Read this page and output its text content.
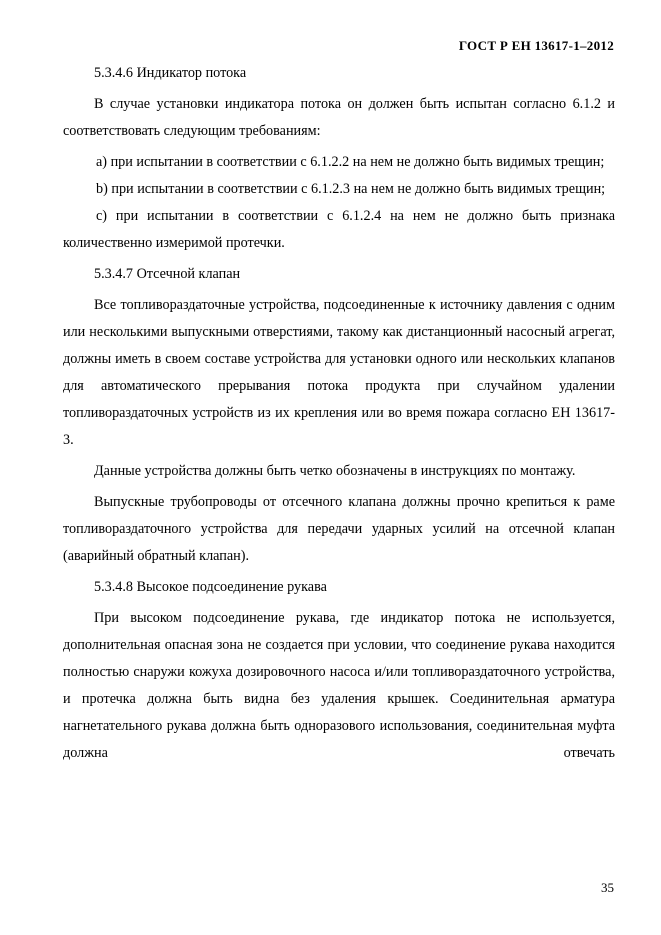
ГОСТ Р ЕН 13617-1–2012

5.3.4.6 Индикатор потока

В случае установки индикатора потока он должен быть испытан согласно 6.1.2 и соответствовать следующим требованиям:

a) при испытании в соответствии с 6.1.2.2 на нем не должно быть видимых трещин;

b) при испытании в соответствии с 6.1.2.3 на нем не должно быть видимых трещин;

c) при испытании в соответствии с 6.1.2.4 на нем не должно быть признака количественно измеримой протечки.

5.3.4.7 Отсечной клапан

Все топливораздаточные устройства, подсоединенные к источнику давления с одним или несколькими выпускными отверстиями, такому как дистанционный насосный агрегат, должны иметь в своем составе устройства для установки одного или нескольких клапанов для автоматического прерывания потока продукта при случайном удалении топливораздаточных устройств из их крепления или во время пожара согласно ЕН 13617-3.

Данные устройства должны быть четко обозначены в инструкциях по монтажу.

Выпускные трубопроводы от отсечного клапана должны прочно крепиться к раме топливораздаточного устройства для передачи ударных усилий на отсечной клапан (аварийный обратный клапан).

5.3.4.8 Высокое подсоединение рукава

При высоком подсоединение рукава, где индикатор потока не используется, дополнительная опасная зона не создается при условии, что соединение рукава находится полностью снаружи кожуха дозировочного насоса и/или топливораздаточного устройства, и протечка должна быть видна без удаления крышек. Соединительная арматура нагнетательного рукава должна быть одноразового использования, соединительная муфта должна отвечать

35
